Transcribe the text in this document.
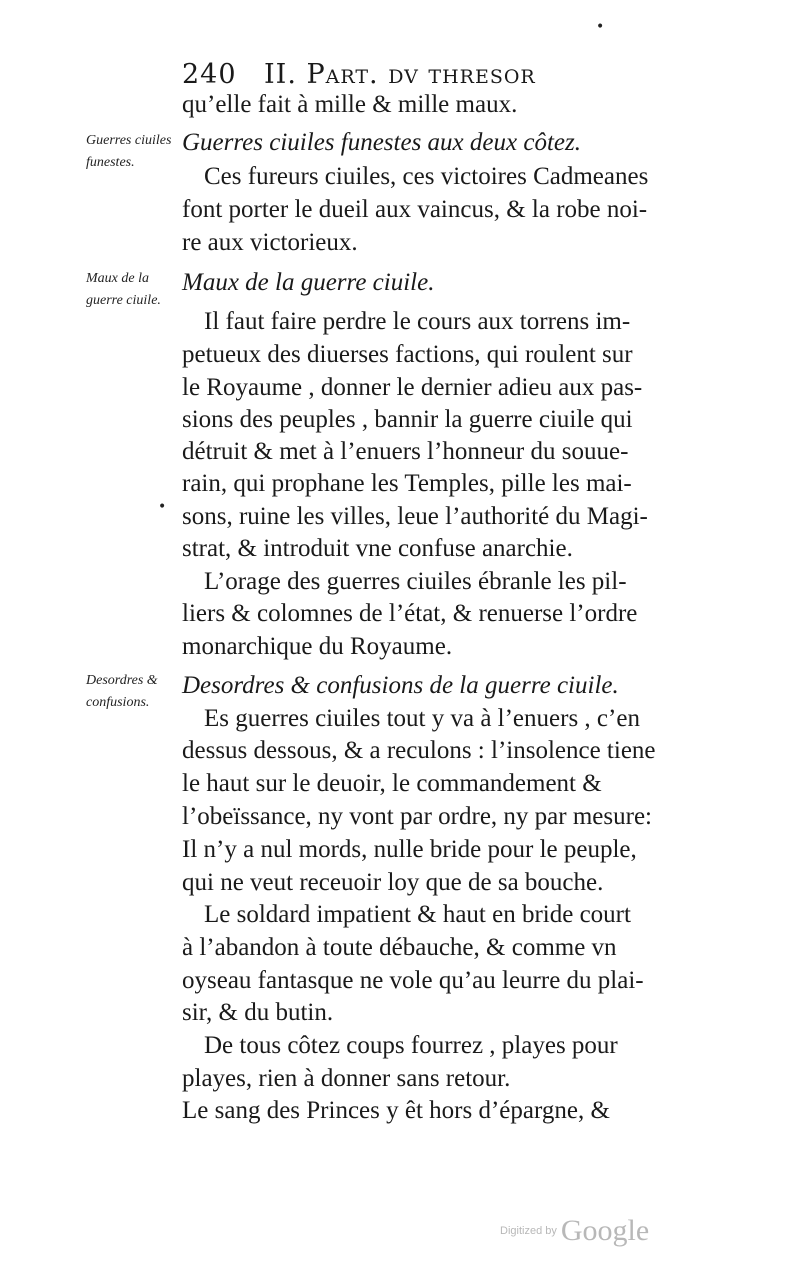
•
•
240 II. Part. dv thresor
Guerres ciuiles funestes.
Maux de la guerre ciuile.
Desordres & confusions.
qu’elle fait à mille & mille maux.
Guerres ciuiles funestes aux deux côtez.
Ces fureurs ciuiles, ces victoires Cadmeanes
font porter le dueil aux vaincus, & la robe noi-
re aux victorieux.
Maux de la guerre ciuile.
Il faut faire perdre le cours aux torrens im-
petueux des diuerses factions, qui roulent sur
le Royaume , donner le dernier adieu aux pas-
sions des peuples , bannir la guerre ciuile qui
détruit & met à l’enuers l’honneur du souue-
rain, qui prophane les Temples, pille les mai-
sons, ruine les villes, leue l’authorité du Magi-
strat, & introduit vne confuse anarchie.
L’orage des guerres ciuiles ébranle les pil-
liers & colomnes de l’état, & renuerse l’ordre
monarchique du Royaume.
Desordres & confusions de la guerre ciuile.
Es guerres ciuiles tout y va à l’enuers , c’en
dessus dessous, & a reculons : l’insolence tiene
le haut sur le deuoir, le commandement &
l’obeïssance, ny vont par ordre, ny par mesure:
Il n’y a nul mords, nulle bride pour le peuple,
qui ne veut receuoir loy que de sa bouche.
Le soldard impatient & haut en bride court
à l’abandon à toute débauche, & comme vn
oyseau fantasque ne vole qu’au leurre du plai-
sir, & du butin.
De tous côtez coups fourrez , playes pour
playes, rien à donner sans retour.
Le sang des Princes y êt hors d’épargne, &
Digitized by Google
